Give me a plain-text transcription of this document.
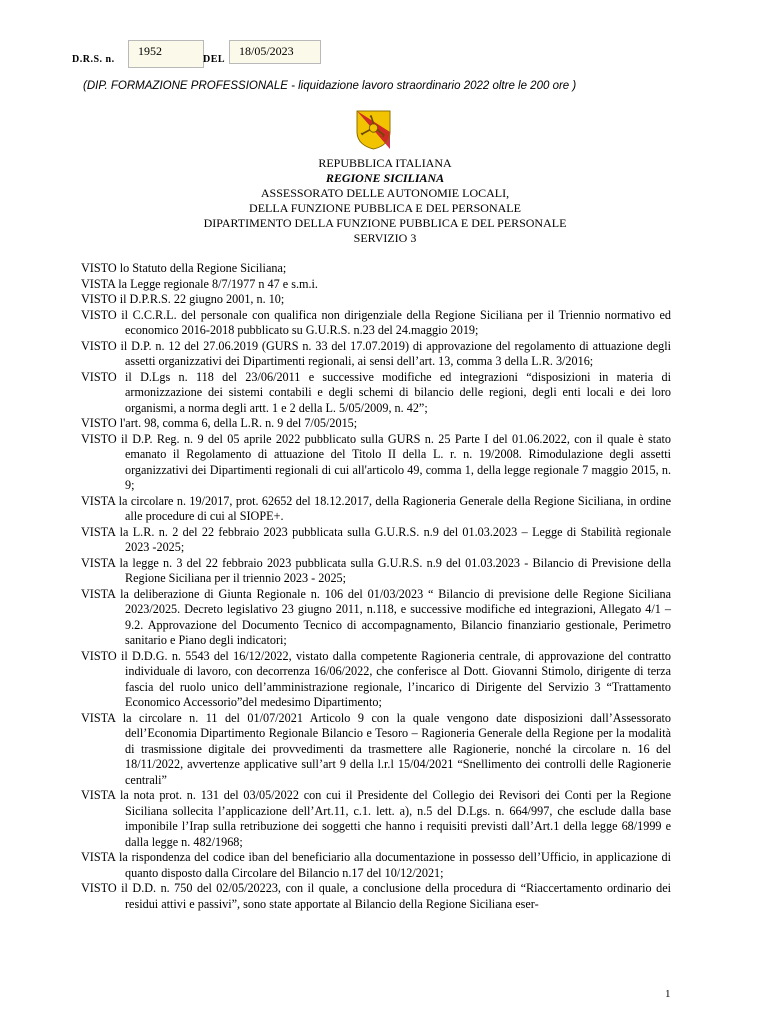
D.R.S. n.
1952
DEL
18/05/2023
(DIP. FORMAZIONE PROFESSIONALE - liquidazione lavoro straordinario 2022 oltre le 200 ore )
REPUBBLICA ITALIANA
REGIONE SICILIANA
ASSESSORATO DELLE AUTONOMIE LOCALI,
DELLA FUNZIONE PUBBLICA E DEL PERSONALE
DIPARTIMENTO DELLA FUNZIONE PUBBLICA E DEL PERSONALE
SERVIZIO 3

VISTO lo Statuto della Regione Siciliana;

VISTA la Legge regionale 8/7/1977 n 47 e s.m.i.

VISTO il D.P.R.S. 22 giugno 2001, n. 10;

VISTO il C.C.R.L. del personale con qualifica non dirigenziale della Regione Siciliana per il Triennio normativo ed economico 2016-2018 pubblicato su G.U.R.S. n.23 del 24.maggio 2019;

VISTO il D.P. n. 12 del 27.06.2019 (GURS n. 33 del 17.07.2019) di approvazione del regolamento di attuazione degli assetti organizzativi dei Dipartimenti regionali, ai sensi dell’art. 13, comma 3 della L.R. 3/2016;

VISTO il D.Lgs n. 118 del 23/06/2011 e successive modifiche ed integrazioni “disposizioni in materia di armonizzazione dei sistemi contabili e degli schemi di bilancio delle regioni, degli enti locali e dei loro organismi, a norma degli artt. 1 e 2 della L. 5/05/2009, n. 42”;

VISTO l'art. 98, comma 6, della L.R. n. 9 del 7/05/2015;

VISTO il D.P. Reg. n. 9 del 05 aprile 2022 pubblicato sulla GURS n. 25 Parte I del 01.06.2022, con il quale è stato emanato il Regolamento di attuazione del Titolo II della L. r. n. 19/2008. Rimodulazione degli assetti organizzativi dei Dipartimenti regionali di cui all'articolo 49, comma 1, della legge regionale 7 maggio 2015, n. 9;

VISTA la circolare n. 19/2017, prot. 62652 del 18.12.2017, della Ragioneria Generale della Regione Siciliana, in ordine alle procedure di cui al SIOPE+.

VISTA la L.R. n. 2 del 22 febbraio 2023 pubblicata sulla G.U.R.S. n.9 del 01.03.2023 – Legge di Stabilità regionale 2023 -2025;

VISTA la legge n. 3 del 22 febbraio 2023 pubblicata sulla G.U.R.S. n.9 del 01.03.2023 - Bilancio di Previsione della Regione Siciliana per il triennio 2023 - 2025;

VISTA la deliberazione di Giunta Regionale n. 106 del 01/03/2023 “ Bilancio di previsione delle Regione Siciliana 2023/2025. Decreto legislativo 23 giugno 2011, n.118, e successive modifiche ed integrazioni, Allegato 4/1 – 9.2. Approvazione del Documento Tecnico di accompagnamento, Bilancio finanziario gestionale, Perimetro sanitario e Piano degli indicatori;

VISTO il D.D.G. n. 5543 del 16/12/2022, vistato dalla competente Ragioneria centrale, di approvazione del contratto individuale di lavoro, con decorrenza 16/06/2022, che conferisce al Dott. Giovanni Stimolo, dirigente di terza fascia del ruolo unico dell’amministrazione regionale, l’incarico di Dirigente del Servizio 3 “Trattamento Economico Accessorio”del medesimo Dipartimento;

VISTA la circolare n. 11 del 01/07/2021 Articolo 9 con la quale vengono date disposizioni dall’Assessorato dell’Economia Dipartimento Regionale Bilancio e Tesoro – Ragioneria Generale della Regione per la modalità di trasmissione digitale dei provvedimenti da trasmettere alle Ragionerie, nonché la circolare n. 16 del 18/11/2022, avvertenze applicative sull’art 9 della l.r.l 15/04/2021 “Snellimento dei controlli delle Ragionerie centrali”

VISTA la nota prot. n. 131 del 03/05/2022 con cui il Presidente del Collegio dei Revisori dei Conti per la Regione Siciliana sollecita l’applicazione dell’Art.11, c.1. lett. a), n.5 del D.Lgs. n. 664/997, che esclude dalla base imponibile l’Irap sulla retribuzione dei soggetti che hanno i requisiti previsti dall’Art.1 della legge 68/1999 e dalla legge n. 482/1968;

VISTA la rispondenza del codice iban del beneficiario alla documentazione in possesso dell’Ufficio, in applicazione di quanto disposto dalla Circolare del Bilancio n.17 del 10/12/2021;

VISTO il D.D. n. 750 del 02/05/20223, con il quale, a conclusione della procedura di “Riaccertamento ordinario dei residui attivi e passivi”, sono state apportate al Bilancio della Regione Siciliana eser-

1
